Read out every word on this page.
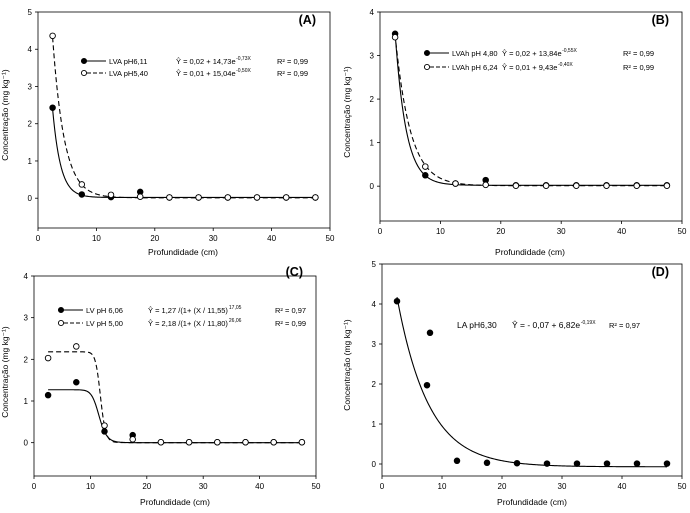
0	10	20	30	40	50
0
1
2
3
4
5
Profundidade (cm)
Concentração (mg kg⁻¹)
(A)
LVA pH6,11	Ŷ = 0,02 + 14,73e -0,73X	R² = 0,99
LVA pH5,40	Ŷ = 0,01 + 15,04e -0,50X	R² = 0,99
0	10	20	30	40	50
0
1
2
3
4
Profundidade (cm)
Concentração (mg kg⁻¹)
(B)
LVAh pH 4,80 Ŷ = 0,02 + 13,84e -0,55X	R² = 0,99
LVAh pH 6,24 Ŷ = 0,01 + 9,43e -0,40X	R² = 0,99
0	10	20	30	40	50
0
1
2
3
4
Profundidade (cm)
Concentração (mg kg⁻¹)
(C)
LV pH 6,06	Ŷ = 1,27 /(1+ (X / 11,55) 17,05	R² = 0,97
LV pH 5,00	Ŷ = 2,18 /(1+ (X / 11,80) 26,06	R² = 0,99
0	10	20	30	40	50
0
1
2
3
4
5
Profundidade (cm)
Concentração (mg kg⁻¹)
(D)
LA pH6,30 Ŷ = - 0,07 + 6,82e -0,19X R² = 0,97
